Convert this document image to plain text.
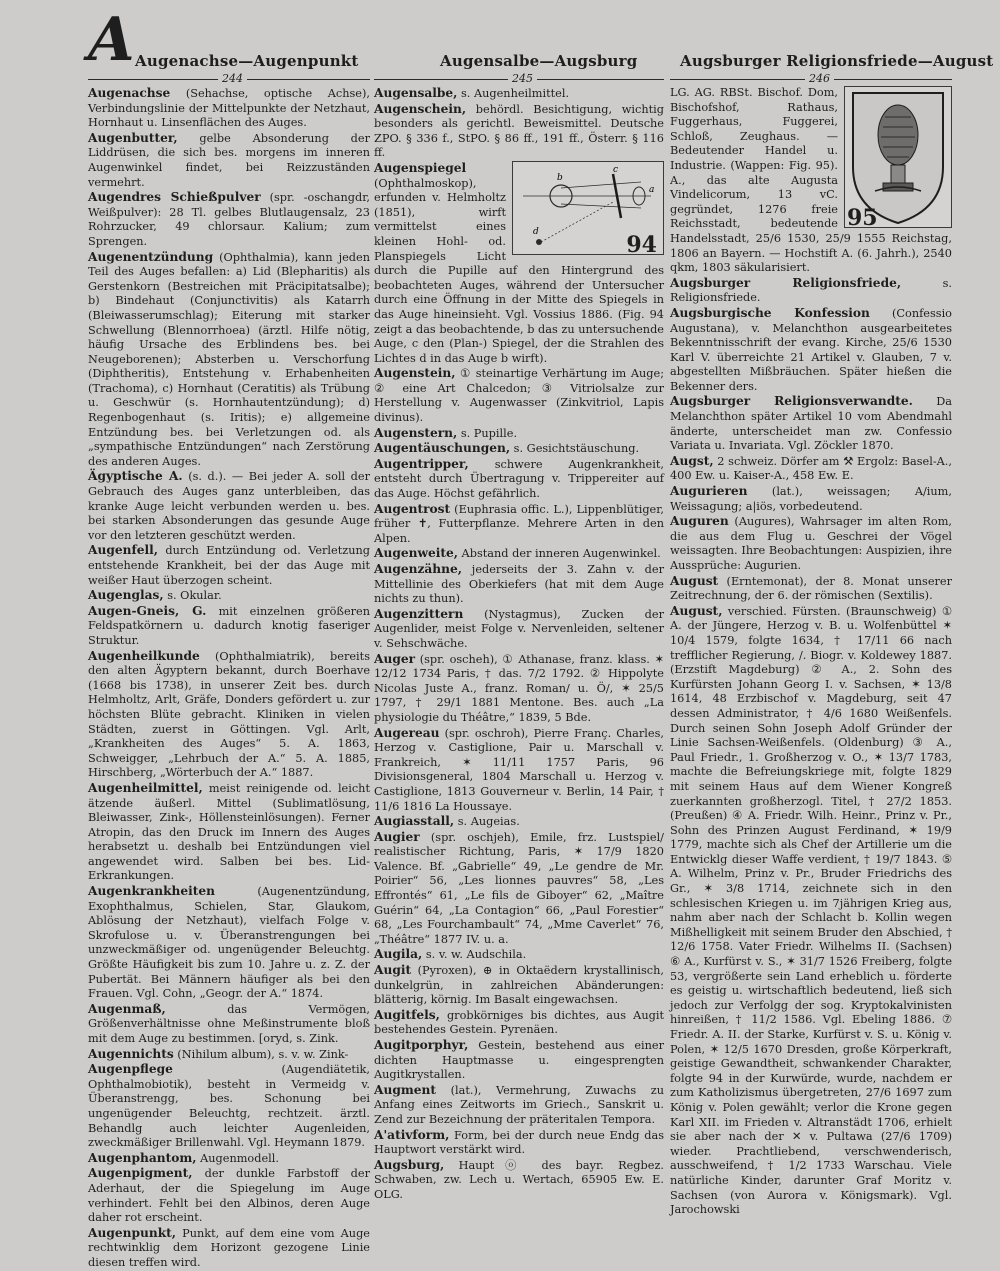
A Augenachse—Augenpunkt	Augensalbe—Augsburg	Augsburger Religionsfriede—August
244	245	246

Augenachse (Sehachse, optische Achse), Verbindungslinie der Mittelpunkte der Netzhaut, Hornhaut u. Linsenflächen des Auges.

Augenbutter, gelbe Absonderung der Liddrüsen, die sich bes. morgens im inneren Augenwinkel findet, bei Reizzuständen vermehrt.

Augendres Schießpulver (spr. -oschangdr, Weißpulver): 28 Tl. gelbes Blutlaugensalz, 23 Rohrzucker, 49 chlorsaur. Kalium; zum Sprengen.

Augenentzündung (Ophthalmia), kann jeden Teil des Auges befallen: a) Lid (Blepharitis) als Gerstenkorn (Bestreichen mit Präcipitatsalbe); b) Bindehaut (Conjunctivitis) als Katarrh (Bleiwasserumschlag); Eiterung mit starker Schwellung (Blennorrhoea) (ärztl. Hilfe nötig, häufig Ursache des Erblindens bes. bei Neugeborenen); Absterben u. Verschorfung (Diphtheritis), Entstehung v. Erhabenheiten (Trachoma), c) Hornhaut (Ceratitis) als Trübung u. Geschwür (s. Hornhautentzündung); d) Regenbogenhaut (s. Iritis); e) allgemeine Entzündung bes. bei Verletzungen od. als „sympathische Entzündungen“ nach Zerstörung des anderen Auges.

Ägyptische A. (s. d.). — Bei jeder A. soll der Gebrauch des Auges ganz unterbleiben, das kranke Auge leicht verbunden werden u. bes. bei starken Absonderungen das gesunde Auge vor den letzteren geschützt werden.

Augenfell, durch Entzündung od. Verletzung entstehende Krankheit, bei der das Auge mit weißer Haut überzogen scheint.

Augenglas, s. Okular.

Augen-Gneis, G. mit einzelnen größeren Feldspatkörnern u. dadurch knotig faseriger Struktur.

Augenheilkunde (Ophthalmiatrik), bereits den alten Ägyptern bekannt, durch Boerhave (1668 bis 1738), in unserer Zeit bes. durch Helmholtz, Arlt, Gräfe, Donders gefördert u. zur höchsten Blüte gebracht. Kliniken in vielen Städten, zuerst in Göttingen. Vgl. Arlt, „Krankheiten des Auges“ 5. A. 1863, Schweigger, „Lehrbuch der A.“ 5. A. 1885, Hirschberg, „Wörterbuch der A.“ 1887.

Augenheilmittel, meist reinigende od. leicht ätzende äußerl. Mittel (Sublimatlösung, Bleiwasser, Zink-, Höllensteinlösungen). Ferner Atropin, das den Druck im Innern des Auges herabsetzt u. deshalb bei Entzündungen viel angewendet wird. Salben bei bes. Lid-Erkrankungen.

Augenkrankheiten (Augenentzündung, Exophthalmus, Schielen, Star, Glaukom, Ablösung der Netzhaut), vielfach Folge v. Skrofulose u. v. Überanstrengungen bei unzweckmäßiger od. ungenügender Beleuchtg. Größte Häufigkeit bis zum 10. Jahre u. z. Z. der Pubertät. Bei Männern häufiger als bei den Frauen. Vgl. Cohn, „Geogr. der A.“ 1874.

Augenmaß, das Vermögen, Größenverhältnisse ohne Meßinstrumente bloß mit dem Auge zu bestimmen. [oryd, s. Zink.

Augennichts (Nihilum album), s. v. w. Zink-

Augenpflege (Augendiätetik, Ophthalmobiotik), besteht in Vermeidg v. Überanstrengg, bes. Schonung bei ungenügender Beleuchtg, rechtzeit. ärztl. Behandlg auch leichter Augenleiden, zweckmäßiger Brillenwahl. Vgl. Heymann 1879.

Augenphantom, Augenmodell.

Augenpigment, der dunkle Farbstoff der Aderhaut, der die Spiegelung im Auge verhindert. Fehlt bei den Albinos, deren Auge daher rot erscheint.

Augenpunkt, Punkt, auf dem eine vom Auge rechtwinklig dem Horizont gezogene Linie diesen treffen wird.

Augensalbe, s. Augenheilmittel.

Augenschein, behördl. Besichtigung, wichtig besonders als gerichtl. Beweismittel. Deutsche ZPO. § 336 f., StPO. § 86 ff., 191 ff., Österr. § 116 ff.

b
c
a
d
94
Augenspiegel (Ophthalmoskop), erfunden v. Helmholtz (1851), wirft vermittelst eines kleinen Hohl- od. Planspiegels Licht durch die Pupille auf den Hintergrund des beobachteten Auges, während der Untersucher durch eine Öffnung in der Mitte des Spiegels in das Auge hineinsieht. Vgl. Vossius 1886. (Fig. 94 zeigt a das beobachtende, b das zu untersuchende Auge, c den (Plan-) Spiegel, der die Strahlen des Lichtes d in das Auge b wirft).

Augenstein, ① steinartige Verhärtung im Auge; ② eine Art Chalcedon; ③ Vitriolsalze zur Herstellung v. Augenwasser (Zinkvitriol, Lapis divinus).

Augenstern, s. Pupille.

Augentäuschungen, s. Gesichtstäuschung.

Augentripper, schwere Augenkrankheit, entsteht durch Übertragung v. Trippereiter auf das Auge. Höchst gefährlich.

Augentrost (Euphrasia offic. L.), Lippenblütiger, früher ✝, Futterpflanze. Mehrere Arten in den Alpen.

Augenweite, Abstand der inneren Augenwinkel.

Augenzähne, jederseits der 3. Zahn v. der Mittellinie des Oberkiefers (hat mit dem Auge nichts zu thun).

Augenzittern (Nystagmus), Zucken der Augenlider, meist Folge v. Nervenleiden, seltener v. Sehschwäche.

Auger (spr. oscheh), ① Athanase, franz. klass. ✶ 12/12 1734 Paris, † das. 7/2 1792. ② Hippolyte Nicolas Juste A., franz. Roman/ u. Ö/, ✶ 25/5 1797, † 29/1 1881 Mentone. Bes. auch „La physiologie du Théâtre,“ 1839, 5 Bde.

Augereau (spr. oschroh), Pierre Franç. Charles, Herzog v. Castiglione, Pair u. Marschall v. Frankreich, ✶ 11/11 1757 Paris, 96 Divisionsgeneral, 1804 Marschall u. Herzog v. Castiglione, 1813 Gouverneur v. Berlin, 14 Pair, † 11/6 1816 La Houssaye.

Augiasstall, s. Augeias.

Augier (spr. oschjeh), Emile, frz. Lustspiel/ realistischer Richtung, Paris, ✶ 17/9 1820 Valence. Bf. „Gabrielle“ 49, „Le gendre de Mr. Poirier“ 56, „Les lionnes pauvres“ 58, „Les Effrontés“ 61, „Le fils de Giboyer“ 62, „Maître Guérin“ 64, „La Contagion“ 66, „Paul Forestier“ 68, „Les Fourchambault“ 74, „Mme Caverlet“ 76, „Théâtre“ 1877 IV. u. a.

Augila, s. v. w. Audschila.

Augit (Pyroxen), ⊕ in Oktaëdern krystallinisch, dunkelgrün, in zahlreichen Abänderungen: blätterig, körnig. Im Basalt eingewachsen.

Augitfels, grobkörniges bis dichtes, aus Augit bestehendes Gestein. Pyrenäen.

Augitporphyr, Gestein, bestehend aus einer dichten Hauptmasse u. eingesprengten Augitkrystallen.

Augment (lat.), Vermehrung, Zuwachs zu Anfang eines Zeitworts im Griech., Sanskrit u. Zend zur Bezeichnung der präteritalen Tempora.

A'ativform, Form, bei der durch neue Endg das Hauptwort verstärkt wird.

Augsburg, Hauptⓞ des bayr. Regbez. Schwaben, zw. Lech u. Wertach, 65905 Ew. E. OLG.

95
LG. AG. RBSt. Bischof. Dom, Bischofshof, Rathaus, Fuggerhaus, Fuggerei, Schloß, Zeughaus. — Bedeutender Handel u. Industrie. (Wappen: Fig. 95). A., das alte Augusta Vindelicorum, 13 vC. gegründet, 1276 freie Reichsstadt, bedeutende Handelsstadt, 25/6 1530, 25/9 1555 Reichstag, 1806 an Bayern. — Hochstift A. (6. Jahrh.), 2540 qkm, 1803 säkularisiert.

Augsburger Religionsfriede, s. Religionsfriede.

Augsburgische Konfession (Confessio Augustana), v. Melanchthon ausgearbeitetes Bekenntnisschrift der evang. Kirche, 25/6 1530 Karl V. überreichte 21 Artikel v. Glauben, 7 v. abgestellten Mißbräuchen. Später hießen die Bekenner ders.

Augsburger Religionsverwandte. Da Melanchthon später Artikel 10 vom Abendmahl änderte, unterscheidet man zw. Confessio Variata u. Invariata. Vgl. Zöckler 1870.

Augst, 2 schweiz. Dörfer am ⚒ Ergolz: Basel-A., 400 Ew. u. Kaiser-A., 458 Ew. E.

Augurieren (lat.), weissagen; A/ium, Weissagung; a|iös, vorbedeutend.

Auguren (Augures), Wahrsager im alten Rom, die aus dem Flug u. Geschrei der Vögel weissagten. Ihre Beobachtungen: Auspizien, ihre Aussprüche: Augurien.

August (Erntemonat), der 8. Monat unserer Zeitrechnung, der 6. der römischen (Sextilis).

August, verschied. Fürsten. (Braunschweig) ① A. der Jüngere, Herzog v. B. u. Wolfenbüttel ✶ 10/4 1579, folgte 1634, † 17/11 66 nach trefflicher Regierung, /. Biogr. v. Koldewey 1887. (Erzstift Magdeburg) ② A., 2. Sohn des Kurfürsten Johann Georg I. v. Sachsen, ✶ 13/8 1614, 48 Erzbischof v. Magdeburg, seit 47 dessen Administrator, † 4/6 1680 Weißenfels. Durch seinen Sohn Joseph Adolf Gründer der Linie Sachsen-Weißenfels. (Oldenburg) ③ A., Paul Friedr., 1. Großherzog v. O., ✶ 13/7 1783, machte die Befreiungskriege mit, folgte 1829 mit seinem Haus auf dem Wiener Kongreß zuerkannten großherzogl. Titel, † 27/2 1853. (Preußen) ④ A. Friedr. Wilh. Heinr., Prinz v. Pr., Sohn des Prinzen August Ferdinand, ✶ 19/9 1779, machte sich als Chef der Artillerie um die Entwicklg dieser Waffe verdient, † 19/7 1843. ⑤ A. Wilhelm, Prinz v. Pr., Bruder Friedrichs des Gr., ✶ 3/8 1714, zeichnete sich in den schlesischen Kriegen u. im 7jährigen Krieg aus, nahm aber nach der Schlacht b. Kollin wegen Mißhelligkeit mit seinem Bruder den Abschied, † 12/6 1758. Vater Friedr. Wilhelms II. (Sachsen) ⑥ A., Kurfürst v. S., ✶ 31/7 1526 Freiberg, folgte 53, vergrößerte sein Land erheblich u. förderte es geistig u. wirtschaftlich bedeutend, ließ sich jedoch zur Verfolgg der sog. Kryptokalvinisten hinreißen, † 11/2 1586. Vgl. Ebeling 1886. ⑦ Friedr. A. II. der Starke, Kurfürst v. S. u. König v. Polen, ✶ 12/5 1670 Dresden, große Körperkraft, geistige Gewandtheit, schwankender Charakter, folgte 94 in der Kurwürde, wurde, nachdem er zum Katholizismus übergetreten, 27/6 1697 zum König v. Polen gewählt; verlor die Krone gegen Karl XII. im Frieden v. Altranstädt 1706, erhielt sie aber nach der ✕ v. Pultawa (27/6 1709) wieder. Prachtliebend, verschwenderisch, ausschweifend, † 1/2 1733 Warschau. Viele natürliche Kinder, darunter Graf Moritz v. Sachsen (von Aurora v. Königsmark). Vgl. Jarochowski
